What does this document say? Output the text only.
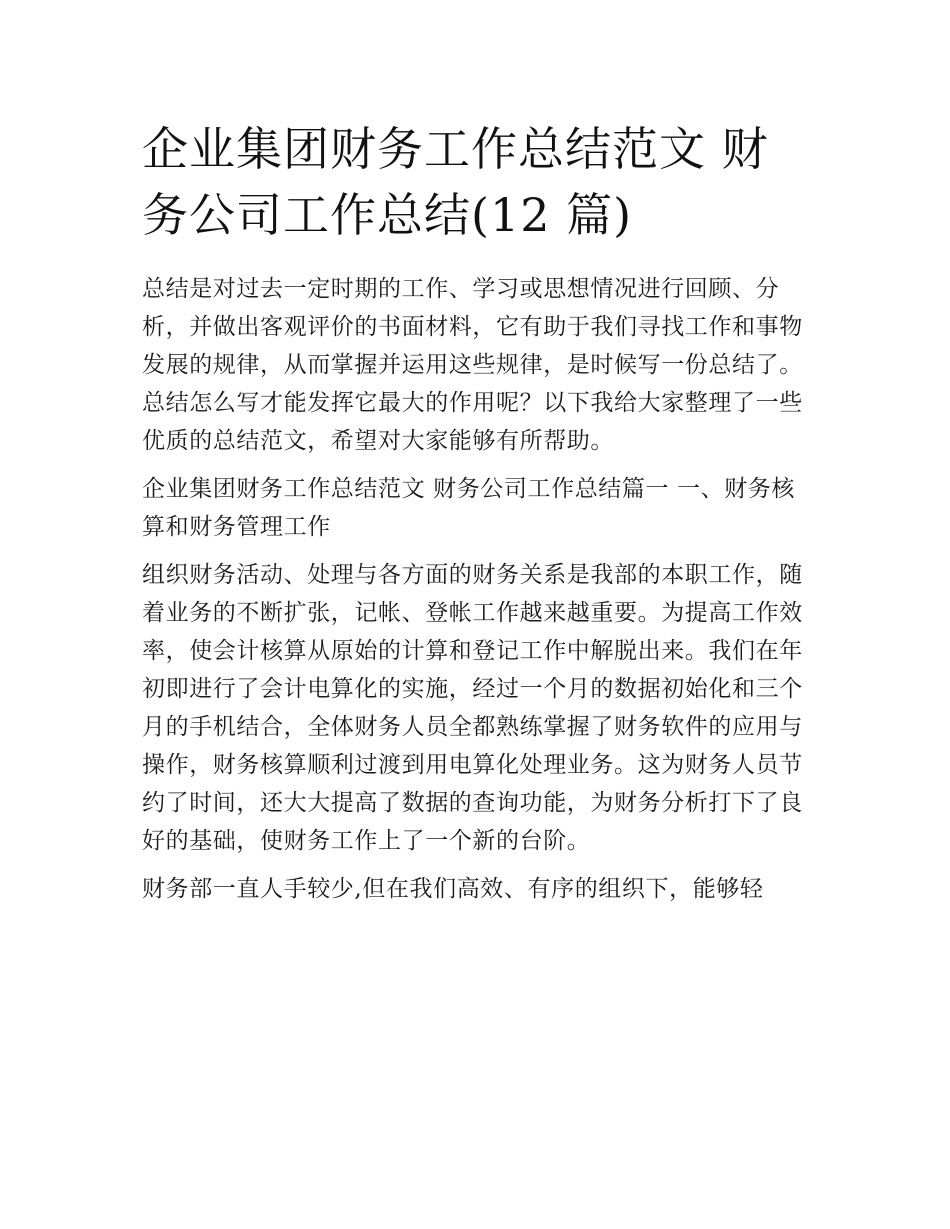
企业集团财务工作总结范文 财务公司工作总结(12 篇)

总结是对过去一定时期的工作、学习或思想情况进行回顾、分析，并做出客观评价的书面材料，它有助于我们寻找工作和事物发展的规律，从而掌握并运用这些规律，是时候写一份总结了。总结怎么写才能发挥它最大的作用呢？以下我给大家整理了一些优质的总结范文，希望对大家能够有所帮助。

企业集团财务工作总结范文 财务公司工作总结篇一 一、财务核算和财务管理工作

组织财务活动、处理与各方面的财务关系是我部的本职工作，随着业务的不断扩张，记帐、登帐工作越来越重要。为提高工作效率，使会计核算从原始的计算和登记工作中解脱出来。我们在年初即进行了会计电算化的实施，经过一个月的数据初始化和三个月的手机结合，全体财务人员全都熟练掌握了财务软件的应用与操作，财务核算顺利过渡到用电算化处理业务。这为财务人员节约了时间，还大大提高了数据的查询功能，为财务分析打下了良好的基础，使财务工作上了一个新的台阶。

财务部一直人手较少,但在我们高效、有序的组织下，能够轻
